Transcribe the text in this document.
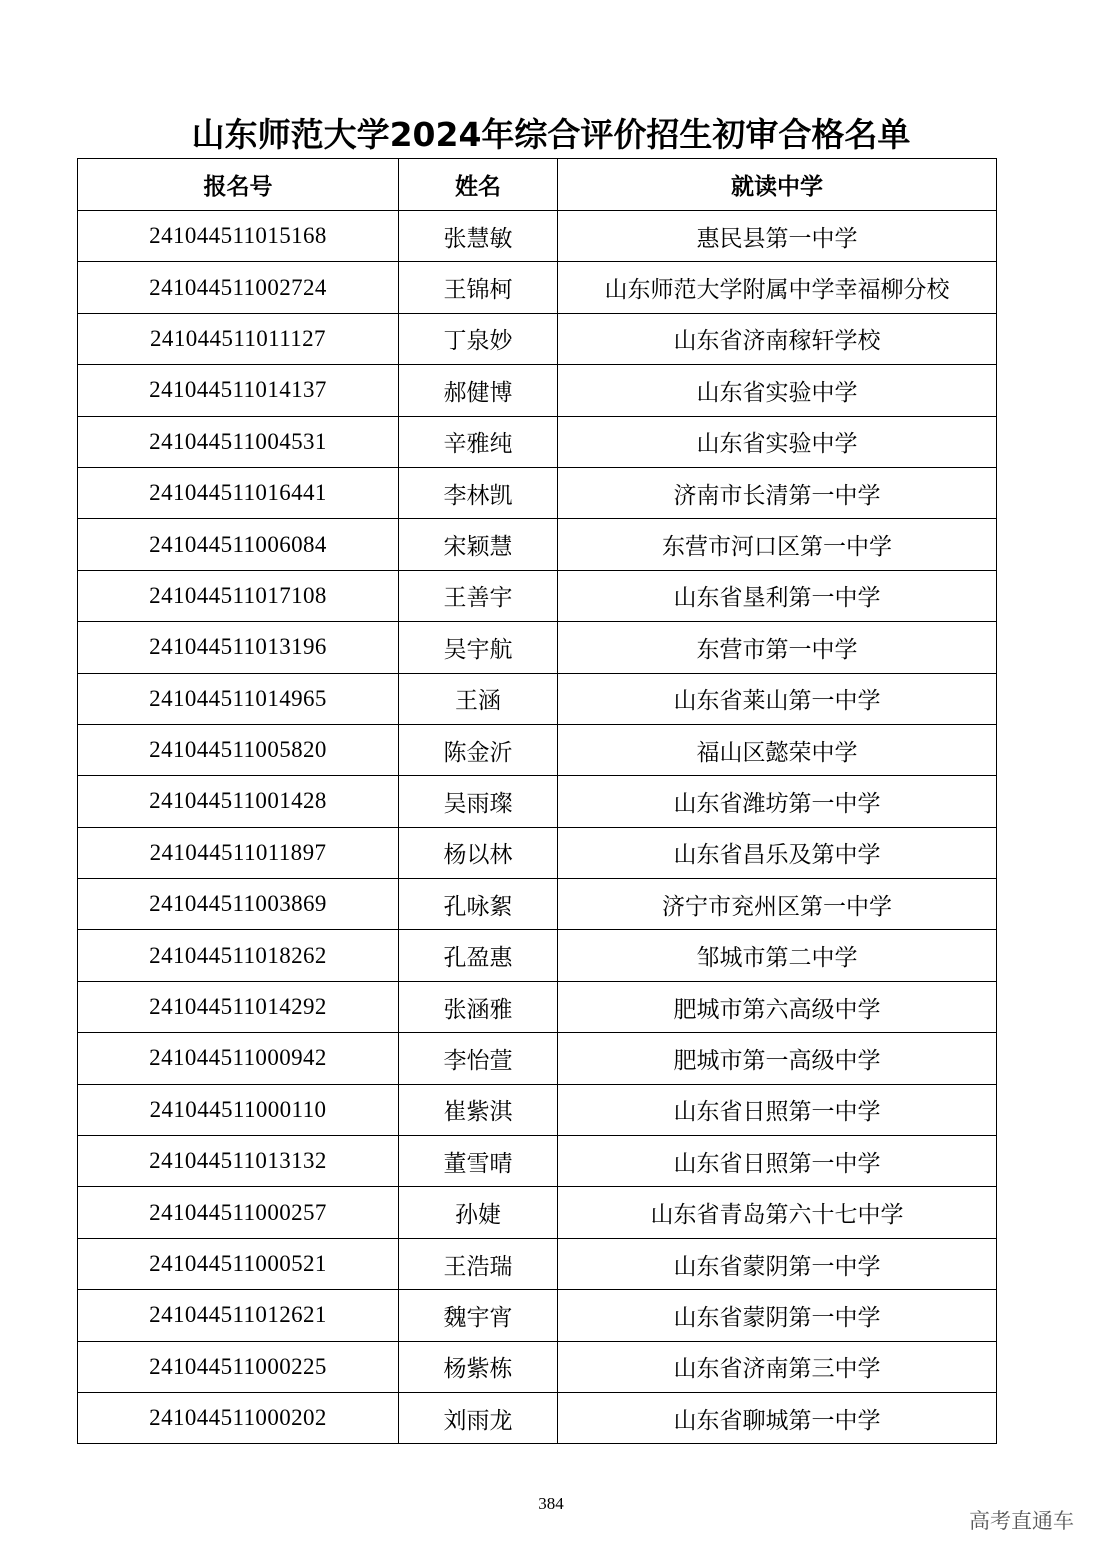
山东师范大学2024年综合评价招生初审合格名单
报名号	姓名	就读中学
241044511015168	张慧敏	惠民县第一中学
241044511002724	王锦柯	山东师范大学附属中学幸福柳分校
241044511011127	丁泉妙	山东省济南稼轩学校
241044511014137	郝健博	山东省实验中学
241044511004531	辛雅纯	山东省实验中学
241044511016441	李林凯	济南市长清第一中学
241044511006084	宋颖慧	东营市河口区第一中学
241044511017108	王善宇	山东省垦利第一中学
241044511013196	吴宇航	东营市第一中学
241044511014965	王涵	山东省莱山第一中学
241044511005820	陈金沂	福山区懿荣中学
241044511001428	吴雨璨	山东省潍坊第一中学
241044511011897	杨以林	山东省昌乐及第中学
241044511003869	孔咏絮	济宁市兖州区第一中学
241044511018262	孔盈惠	邹城市第二中学
241044511014292	张涵雅	肥城市第六高级中学
241044511000942	李怡萱	肥城市第一高级中学
241044511000110	崔紫淇	山东省日照第一中学
241044511013132	董雪晴	山东省日照第一中学
241044511000257	孙婕	山东省青岛第六十七中学
241044511000521	王浩瑞	山东省蒙阴第一中学
241044511012621	魏宇宵	山东省蒙阴第一中学
241044511000225	杨紫栋	山东省济南第三中学
241044511000202	刘雨龙	山东省聊城第一中学
384
高考直通车
